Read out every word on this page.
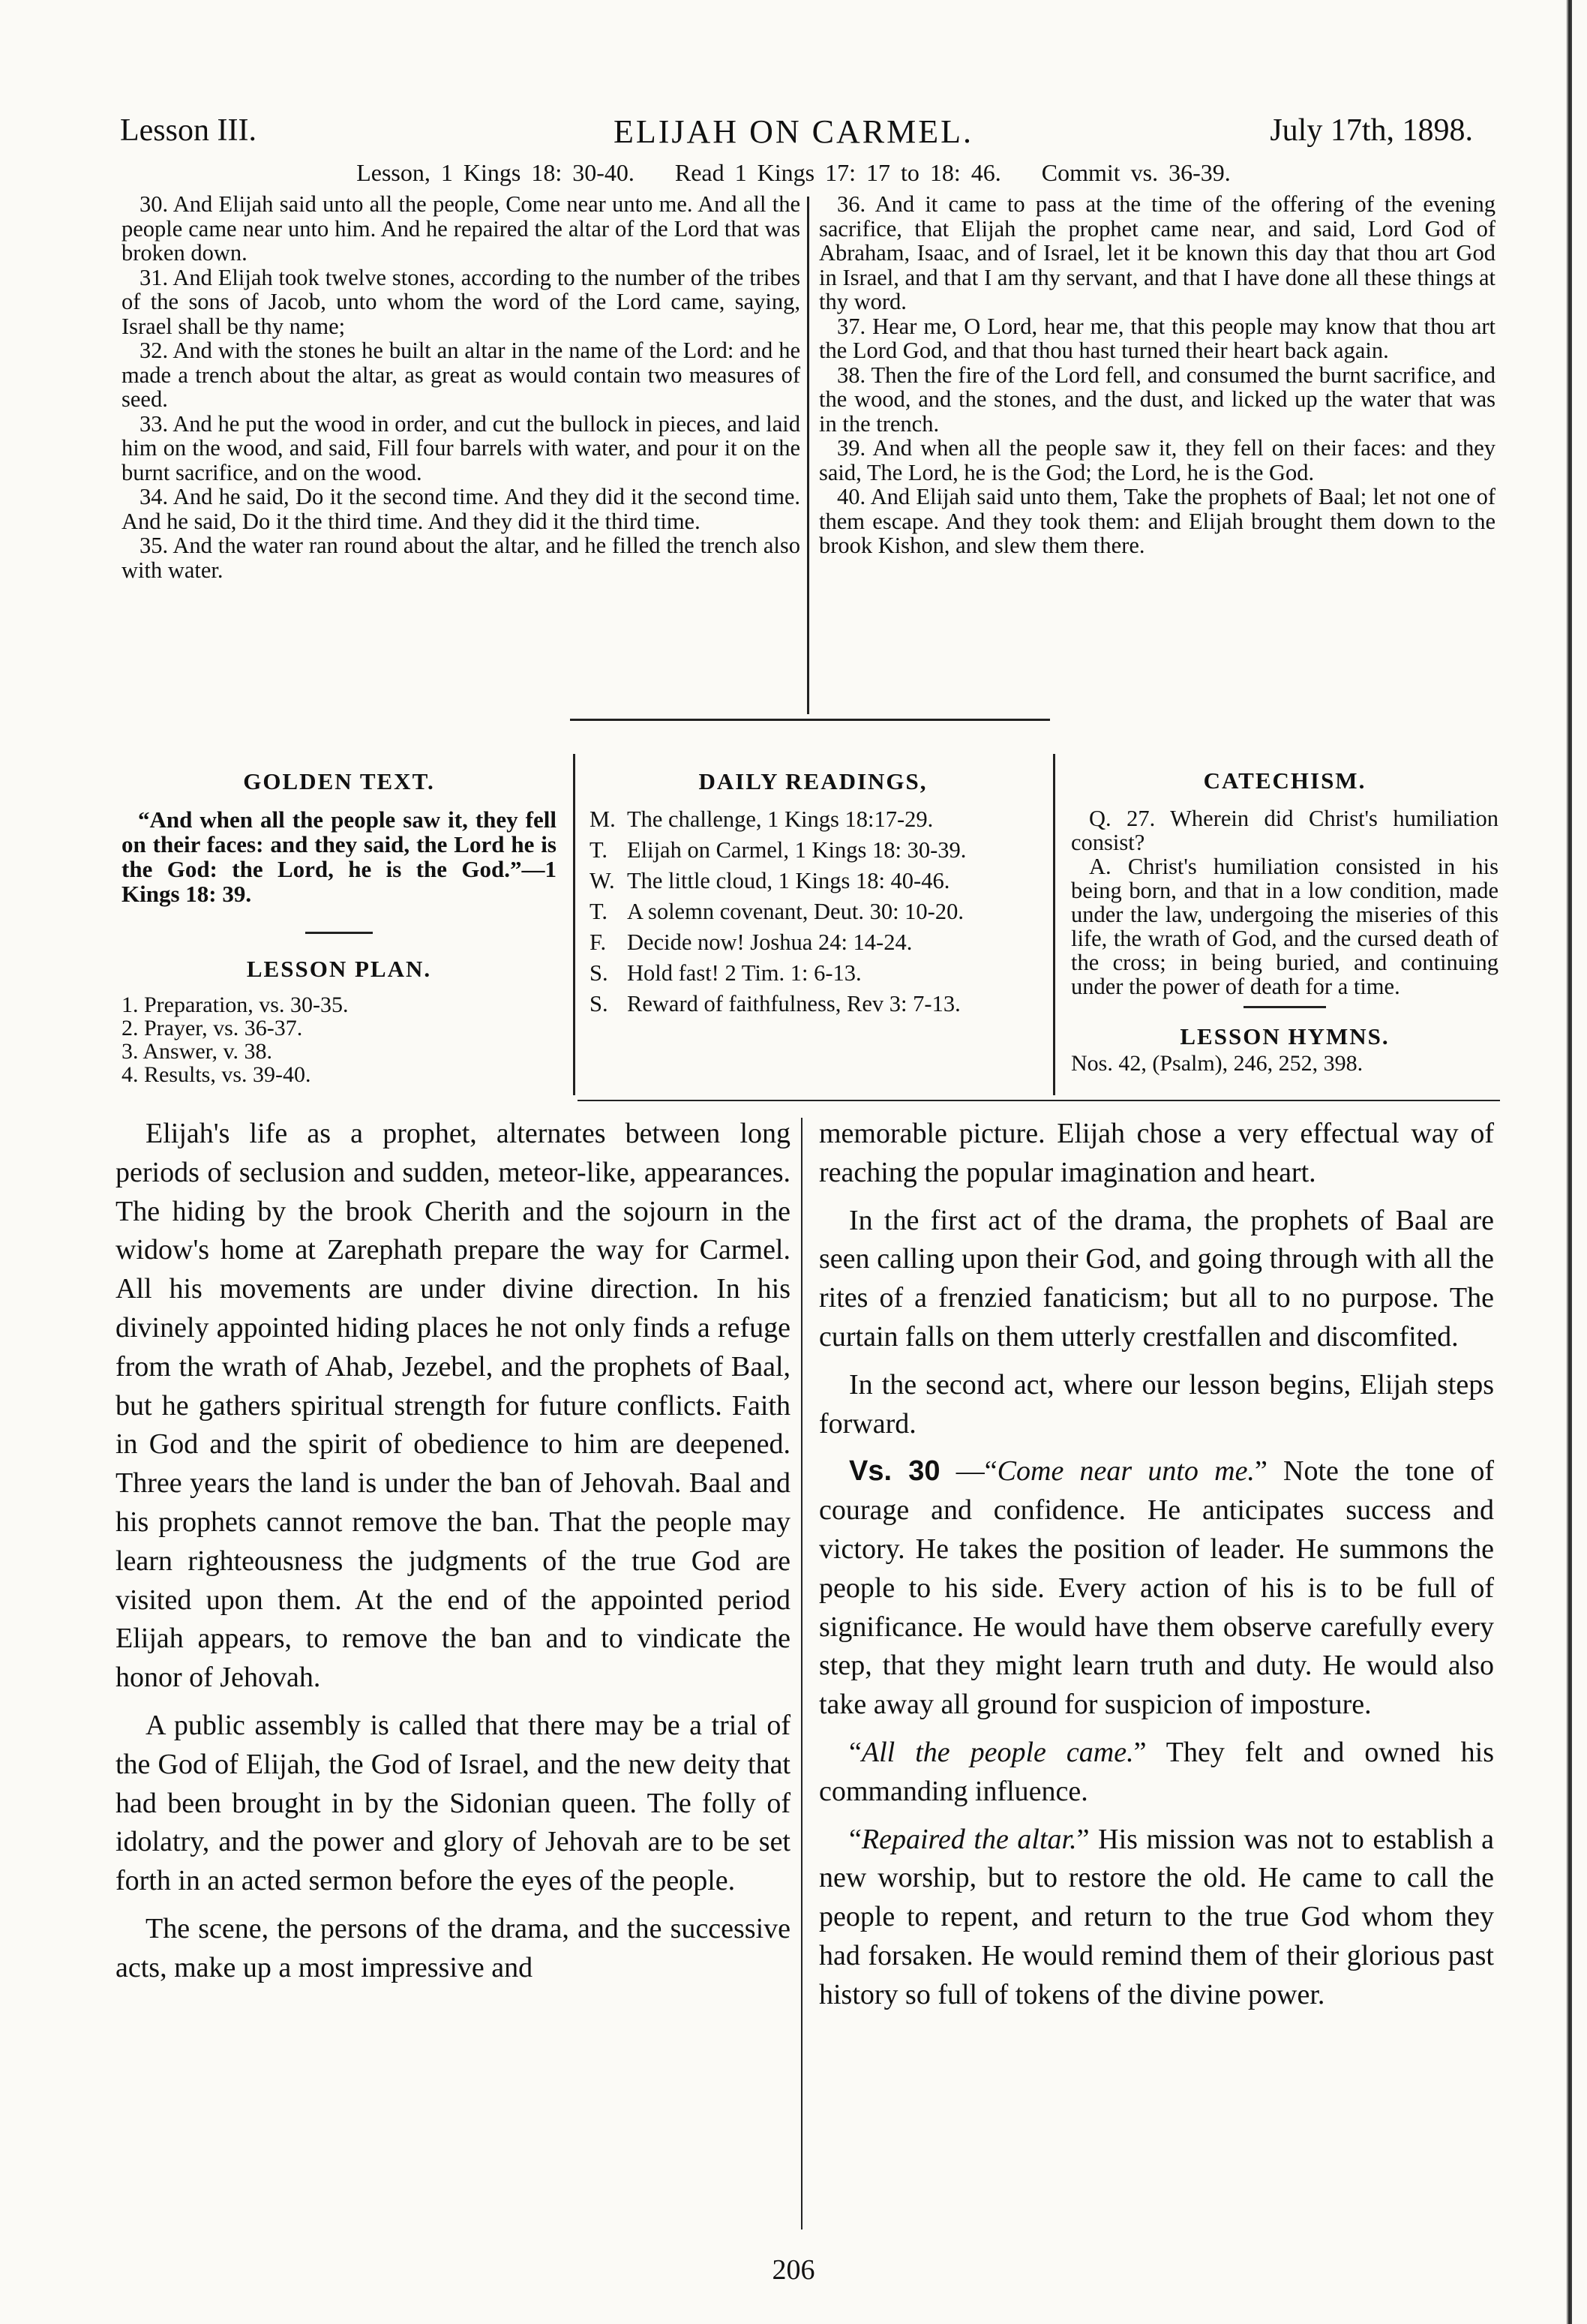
Lesson III.	ELIJAH ON CARMEL.	July 17th, 1898.
Lesson, 1 Kings 18: 30-40. Read 1 Kings 17: 17 to 18: 46. Commit vs. 36-39.

30. And Elijah said unto all the people, Come near unto me. And all the people came near unto him. And he repaired the altar of the Lord that was broken down.

31. And Elijah took twelve stones, according to the number of the tribes of the sons of Jacob, unto whom the word of the Lord came, saying, Israel shall be thy name;

32. And with the stones he built an altar in the name of the Lord: and he made a trench about the altar, as great as would contain two measures of seed.

33. And he put the wood in order, and cut the bullock in pieces, and laid him on the wood, and said, Fill four barrels with water, and pour it on the burnt sacrifice, and on the wood.

34. And he said, Do it the second time. And they did it the second time. And he said, Do it the third time. And they did it the third time.

35. And the water ran round about the altar, and he filled the trench also with water.

36. And it came to pass at the time of the offering of the evening sacrifice, that Elijah the prophet came near, and said, Lord God of Abraham, Isaac, and of Israel, let it be known this day that thou art God in Israel, and that I am thy servant, and that I have done all these things at thy word.

37. Hear me, O Lord, hear me, that this people may know that thou art the Lord God, and that thou hast turned their heart back again.

38. Then the fire of the Lord fell, and consumed the burnt sacrifice, and the wood, and the stones, and the dust, and licked up the water that was in the trench.

39. And when all the people saw it, they fell on their faces: and they said, The Lord, he is the God; the Lord, he is the God.

40. And Elijah said unto them, Take the prophets of Baal; let not one of them escape. And they took them: and Elijah brought them down to the brook Kishon, and slew them there.

GOLDEN TEXT.
“And when all the people saw it, they fell on their faces: and they said, the Lord he is the God: the Lord, he is the God.”—1 Kings 18: 39.
LESSON PLAN.
1. Preparation, vs. 30-35.
2. Prayer, vs. 36-37.
3. Answer, v. 38.
4. Results, vs. 39-40.
DAILY READINGS,
M. The challenge, 1 Kings 18:17-29.
T. Elijah on Carmel, 1 Kings 18: 30-39.
W. The little cloud, 1 Kings 18: 40-46.
T. A solemn covenant, Deut. 30: 10-20.
F. Decide now! Joshua 24: 14-24.
S. Hold fast! 2 Tim. 1: 6-13.
S. Reward of faithfulness, Rev 3: 7-13.
CATECHISM.

Q. 27. Wherein did Christ's humiliation consist?

A. Christ's humiliation consisted in his being born, and that in a low condition, made under the law, undergoing the miseries of this life, the wrath of God, and the cursed death of the cross; in being buried, and continuing under the power of death for a time.

LESSON HYMNS.
Nos. 42, (Psalm), 246, 252, 398.

Elijah's life as a prophet, alternates between long periods of seclusion and sudden, meteor-like, appearances. The hiding by the brook Cherith and the sojourn in the widow's home at Zarephath prepare the way for Carmel. All his movements are under divine direction. In his divinely appointed hiding places he not only finds a refuge from the wrath of Ahab, Jezebel, and the prophets of Baal, but he gathers spiritual strength for future conflicts. Faith in God and the spirit of obedience to him are deepened. Three years the land is under the ban of Jehovah. Baal and his prophets cannot remove the ban. That the people may learn righteousness the judgments of the true God are visited upon them. At the end of the appointed period Elijah appears, to remove the ban and to vindicate the honor of Jehovah.

A public assembly is called that there may be a trial of the God of Elijah, the God of Israel, and the new deity that had been brought in by the Sidonian queen. The folly of idolatry, and the power and glory of Jehovah are to be set forth in an acted sermon before the eyes of the people.

The scene, the persons of the drama, and the successive acts, make up a most impressive and

memorable picture. Elijah chose a very effectual way of reaching the popular imagination and heart.

In the first act of the drama, the prophets of Baal are seen calling upon their God, and going through with all the rites of a frenzied fanaticism; but all to no purpose. The curtain falls on them utterly crestfallen and discomfited.

In the second act, where our lesson begins, Elijah steps forward.

Vs. 30 —“Come near unto me.” Note the tone of courage and confidence. He anticipates success and victory. He takes the position of leader. He summons the people to his side. Every action of his is to be full of significance. He would have them observe carefully every step, that they might learn truth and duty. He would also take away all ground for suspicion of imposture.

“All the people came.” They felt and owned his commanding influence.

“Repaired the altar.” His mission was not to establish a new worship, but to restore the old. He came to call the people to repent, and return to the true God whom they had forsaken. He would remind them of their glorious past history so full of tokens of the divine power.

206
